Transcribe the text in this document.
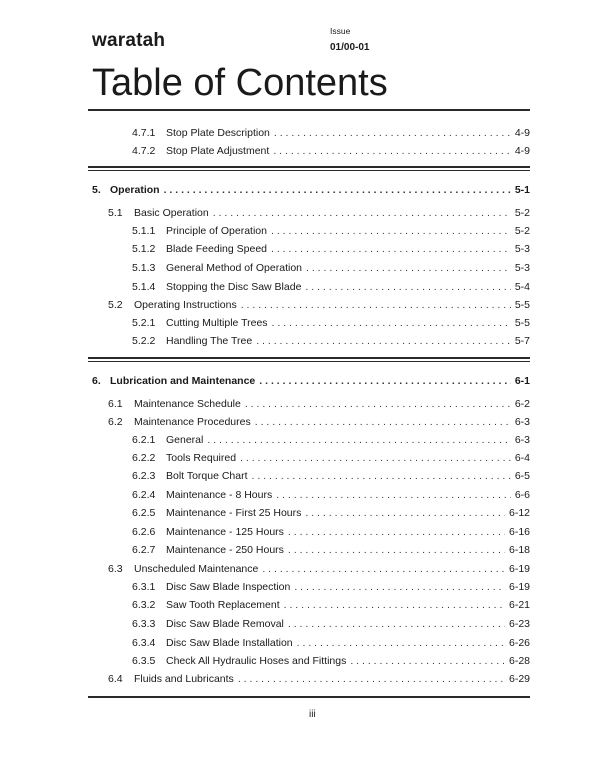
waratah	Issue
01/00-01
Table of Contents
4.7.1	Stop Plate Description . . .	4-9
4.7.2	Stop Plate Adjustment . . .	4-9
5. Operation . . .	5-1
5.1	Basic Operation . . .	5-2
5.1.1	Principle of Operation . . .	5-2
5.1.2	Blade Feeding Speed . . .	5-3
5.1.3	General Method of Operation . . .	5-3
5.1.4	Stopping the Disc Saw Blade . . .	5-4
5.2	Operating Instructions . . .	5-5
5.2.1	Cutting Multiple Trees . . .	5-5
5.2.2	Handling The Tree . . .	5-7
6. Lubrication and Maintenance . . .	6-1
6.1	Maintenance Schedule . . .	6-2
6.2	Maintenance Procedures . . .	6-3
6.2.1	General . . .	6-3
6.2.2	Tools Required . . .	6-4
6.2.3	Bolt Torque Chart . . .	6-5
6.2.4	Maintenance - 8 Hours . . .	6-6
6.2.5	Maintenance - First 25 Hours . . .	6-12
6.2.6	Maintenance - 125 Hours . . .	6-16
6.2.7	Maintenance - 250 Hours . . .	6-18
6.3	Unscheduled Maintenance . . .	6-19
6.3.1	Disc Saw Blade Inspection . . .	6-19
6.3.2	Saw Tooth Replacement . . .	6-21
6.3.3	Disc Saw Blade Removal . . .	6-23
6.3.4	Disc Saw Blade Installation . . .	6-26
6.3.5	Check All Hydraulic Hoses and Fittings . . .	6-28
6.4	Fluids and Lubricants . . .	6-29
iii
